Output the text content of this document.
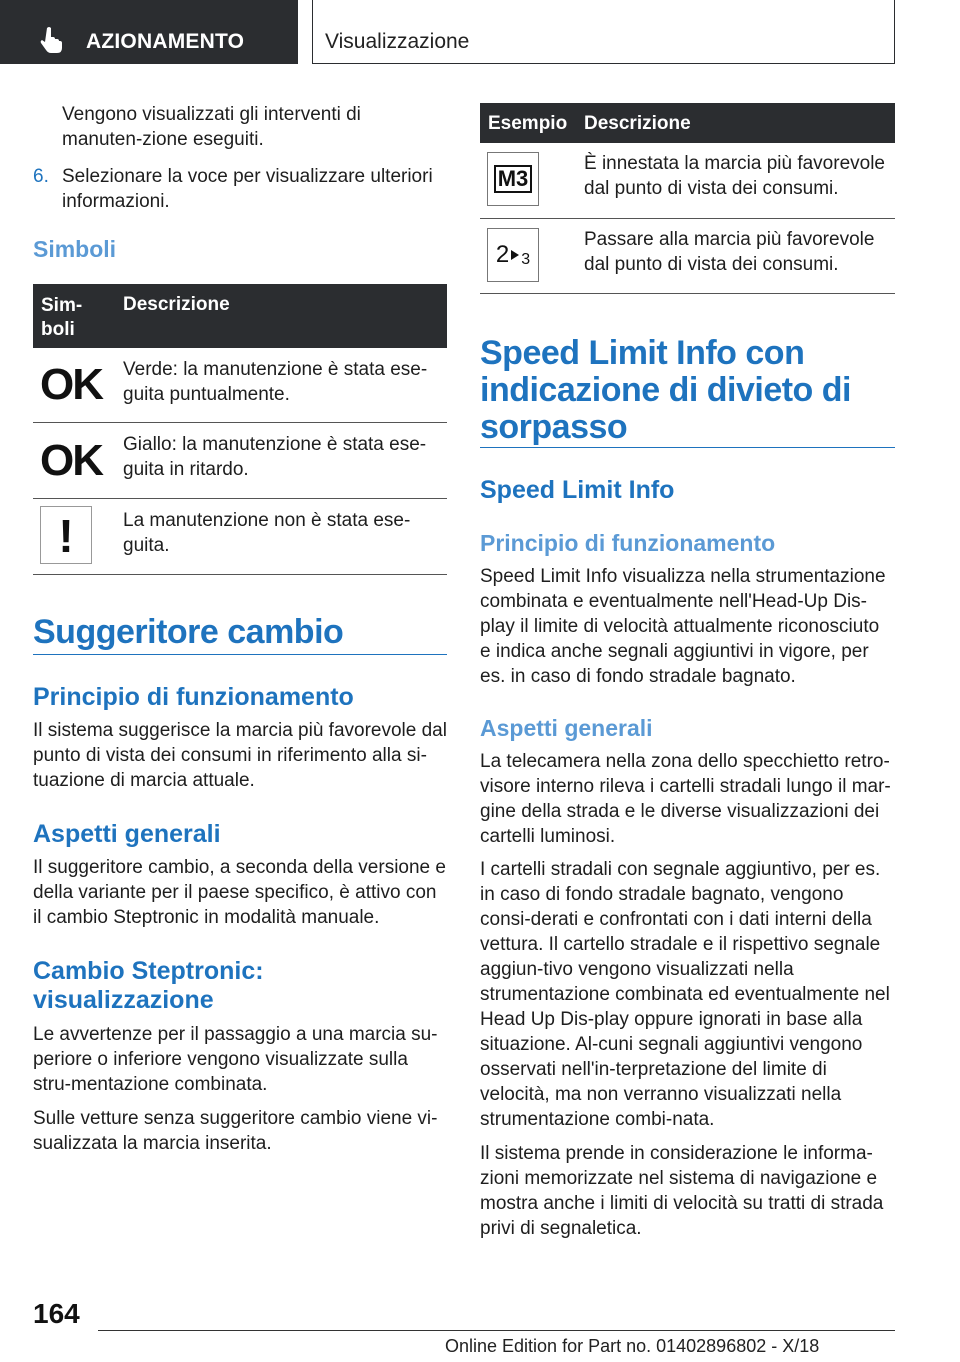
AZIONAMENTO	Visualizzazione

Vengono visualizzati gli interventi di manuten-zione eseguiti.

6. Selezionare la voce per visualizzare ulteriori informazioni.

Simboli
Sim-boli
Descrizione
OK Verde: la manutenzione è stata ese-guita puntualmente.

OK Giallo: la manutenzione è stata ese-guita in ritardo.

!	La manutenzione non è stata ese-guita.

Suggeritore cambio
Principio di funzionamento

Il sistema suggerisce la marcia più favorevole dal punto di vista dei consumi in riferimento alla si-tuazione di marcia attuale.

Aspetti generali

Il suggeritore cambio, a seconda della versione e della variante per il paese specifico, è attivo con il cambio Steptronic in modalità manuale.

Cambio Steptronic: visualizzazione

Le avvertenze per il passaggio a una marcia su-periore o inferiore vengono visualizzate sulla stru-mentazione combinata.

Sulle vetture senza suggeritore cambio viene vi-sualizzata la marcia inserita.

Esempio Descrizione
M3

È innestata la marcia più favorevole dal punto di vista dei consumi.

2 3

Passare alla marcia più favorevole dal punto di vista dei consumi.

Speed Limit Info con indicazione di divieto di sorpasso
Speed Limit Info
Principio di funzionamento

Speed Limit Info visualizza nella strumentazione combinata e eventualmente nell'Head-Up Dis-play il limite di velocità attualmente riconosciuto e indica anche segnali aggiuntivi in vigore, per es. in caso di fondo stradale bagnato.

Aspetti generali

La telecamera nella zona dello specchietto retro-visore interno rileva i cartelli stradali lungo il mar-gine della strada e le diverse visualizzazioni dei cartelli luminosi.

I cartelli stradali con segnale aggiuntivo, per es. in caso di fondo stradale bagnato, vengono consi-derati e confrontati con i dati interni della vettura. Il cartello stradale e il rispettivo segnale aggiun-tivo vengono visualizzati nella strumentazione combinata ed eventualmente nel Head Up Dis-play oppure ignorati in base alla situazione. Al-cuni segnali aggiuntivi vengono osservati nell'in-terpretazione del limite di velocità, ma non verranno visualizzati nella strumentazione combi-nata.

Il sistema prende in considerazione le informa-zioni memorizzate nel sistema di navigazione e mostra anche i limiti di velocità su tratti di strada privi di segnaletica.

164
Online Edition for Part no. 01402896802 - X/18
